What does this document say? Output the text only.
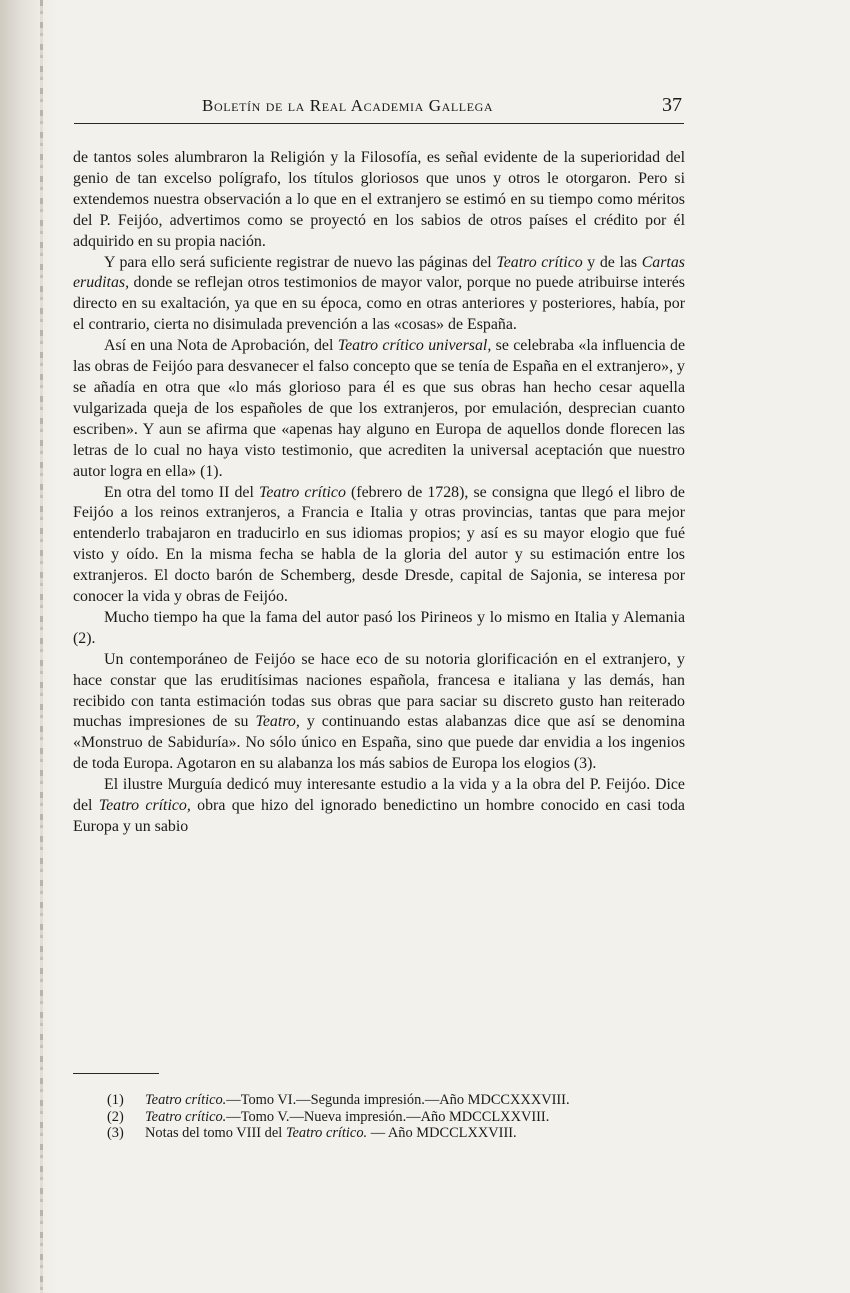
Boletín de la Real Academia Gallega	37

de tantos soles alumbraron la Religión y la Filosofía, es señal evidente de la superioridad del genio de tan excelso polígrafo, los títulos gloriosos que unos y otros le otorgaron. Pero si extendemos nuestra observación a lo que en el extranjero se estimó en su tiempo como méritos del P. Feijóo, advertimos como se proyectó en los sabios de otros países el crédito por él adquirido en su propia nación.

Y para ello será suficiente registrar de nuevo las páginas del Teatro crítico y de las Cartas eruditas, donde se reflejan otros testimonios de mayor valor, porque no puede atribuirse interés directo en su exaltación, ya que en su época, como en otras anteriores y posteriores, había, por el contrario, cierta no disimulada prevención a las «cosas» de España.

Así en una Nota de Aprobación, del Teatro crítico universal, se celebraba «la influencia de las obras de Feijóo para desvanecer el falso concepto que se tenía de España en el extranjero», y se añadía en otra que «lo más glorioso para él es que sus obras han hecho cesar aquella vulgarizada queja de los españoles de que los extranjeros, por emulación, desprecian cuanto escriben». Y aun se afirma que «apenas hay alguno en Europa de aquellos donde florecen las letras de lo cual no haya visto testimonio, que acrediten la universal aceptación que nuestro autor logra en ella» (1).

En otra del tomo II del Teatro crítico (febrero de 1728), se consigna que llegó el libro de Feijóo a los reinos extranjeros, a Francia e Italia y otras provincias, tantas que para mejor entenderlo trabajaron en traducirlo en sus idiomas propios; y así es su mayor elogio que fué visto y oído. En la misma fecha se habla de la gloria del autor y su estimación entre los extranjeros. El docto barón de Schemberg, desde Dresde, capital de Sajonia, se interesa por conocer la vida y obras de Feijóo.

Mucho tiempo ha que la fama del autor pasó los Pirineos y lo mismo en Italia y Alemania (2).

Un contemporáneo de Feijóo se hace eco de su notoria glorificación en el extranjero, y hace constar que las eruditísimas naciones española, francesa e italiana y las demás, han recibido con tanta estimación todas sus obras que para saciar su discreto gusto han reiterado muchas impresiones de su Teatro, y continuando estas alabanzas dice que así se denomina «Monstruo de Sabiduría». No sólo único en España, sino que puede dar envidia a los ingenios de toda Europa. Agotaron en su alabanza los más sabios de Europa los elogios (3).

El ilustre Murguía dedicó muy interesante estudio a la vida y a la obra del P. Feijóo. Dice del Teatro crítico, obra que hizo del ignorado benedictino un hombre conocido en casi toda Europa y un sabio

(1) Teatro crítico.—Tomo VI.—Segunda impresión.—Año MDCCXXXVIII.
(2) Teatro crítico.—Tomo V.—Nueva impresión.—Año MDCCLXXVIII.
(3) Notas del tomo VIII del Teatro crítico. — Año MDCCLXXVIII.
